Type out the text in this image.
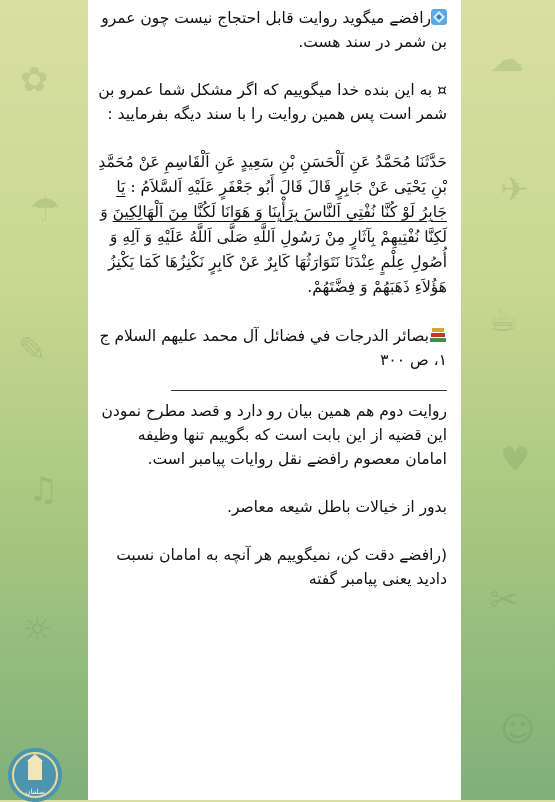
✿
☂
✎
♫
☼
☁
✈
☕
♥
✂
☺

رافضے میگوید روایت قابل احتجاج نیست چون عمرو بن شمر در سند هست.

¤ به این بنده خدا میگوییم که اگر مشکل شما عمرو بن شمر است پس همین روایت را با سند دیگه بفرمایید :

حَدَّثَنَا مُحَمَّدُ عَنِ اَلْحَسَنِ بْنِ سَعِيدٍ عَنِ اَلْقَاسِمِ عَنْ مُحَمَّدِ بْنِ يَحْيَى عَنْ جَابِرٍ قَالَ قَالَ أَبُو جَعْفَرٍ عَلَيْهِ اَلسَّلاَمُ : يَا جَابِرُ لَوْ كُنَّا نُفْتِي اَلنَّاسَ بِرَأْيِنَا وَ هَوَانَا لَكُنَّا مِنَ اَلْهَالِكِينَ وَ لَكِنَّا نُفْتِيهِمْ بِآثَارٍ مِنْ رَسُولِ اَللَّهِ صَلَّى اَللَّهُ عَلَيْهِ وَ آلِهِ وَ أُصُولِ عِلْمٍ عِنْدَنَا نَتَوَارَثُهَا كَابِرٌ عَنْ كَابِرٍ نَكْنِزُهَا كَمَا يَكْنِزُ هَؤُلاَءِ ذَهَبَهُمْ وَ فِضَّتَهُمْ.

بصائر الدرجات في فضائل آل محمد عليهم السلام ج ١، ص ٣٠٠

روایت دوم هم همین بیان رو دارد و قصد مطرح نمودن این قضیه از این بابت است که بگوییم تنها وظیفه امامان معصوم رافضے نقل روایات پیامبر است.

بدور از خیالات باطل شیعه معاصر.

(رافضے دقت کن، نمیگوییم هر آنچه به امامان نسبت دادید یعنی پیامبر گفته

سلمان
